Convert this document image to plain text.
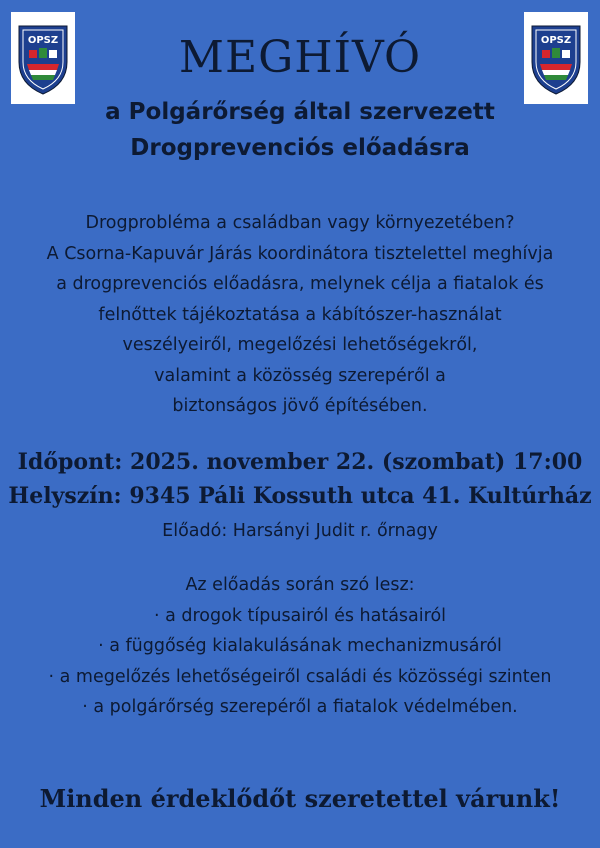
OPSZ	OPSZ
MEGHÍVÓ
a Polgárőrség által szervezett
Drogprevenciós előadásra
Drogprobléma a családban vagy környezetében?
A Csorna-Kapuvár Járás koordinátora tisztelettel meghívja
a drogprevenciós előadásra, melynek célja a fiatalok és
felnőttek tájékoztatása a kábítószer-használat
veszélyeiről, megelőzési lehetőségekről,
valamint a közösség szerepéről a
biztonságos jövő építésében.
Időpont: 2025. november 22. (szombat) 17:00
Helyszín: 9345 Páli Kossuth utca 41. Kultúrház
Előadó: Harsányi Judit r. őrnagy
Az előadás során szó lesz:
· a drogok típusairól és hatásairól
· a függőség kialakulásának mechanizmusáról
· a megelőzés lehetőségeiről családi és közösségi szinten
· a polgárőrség szerepéről a fiatalok védelmében.
Minden érdeklődőt szeretettel várunk!
